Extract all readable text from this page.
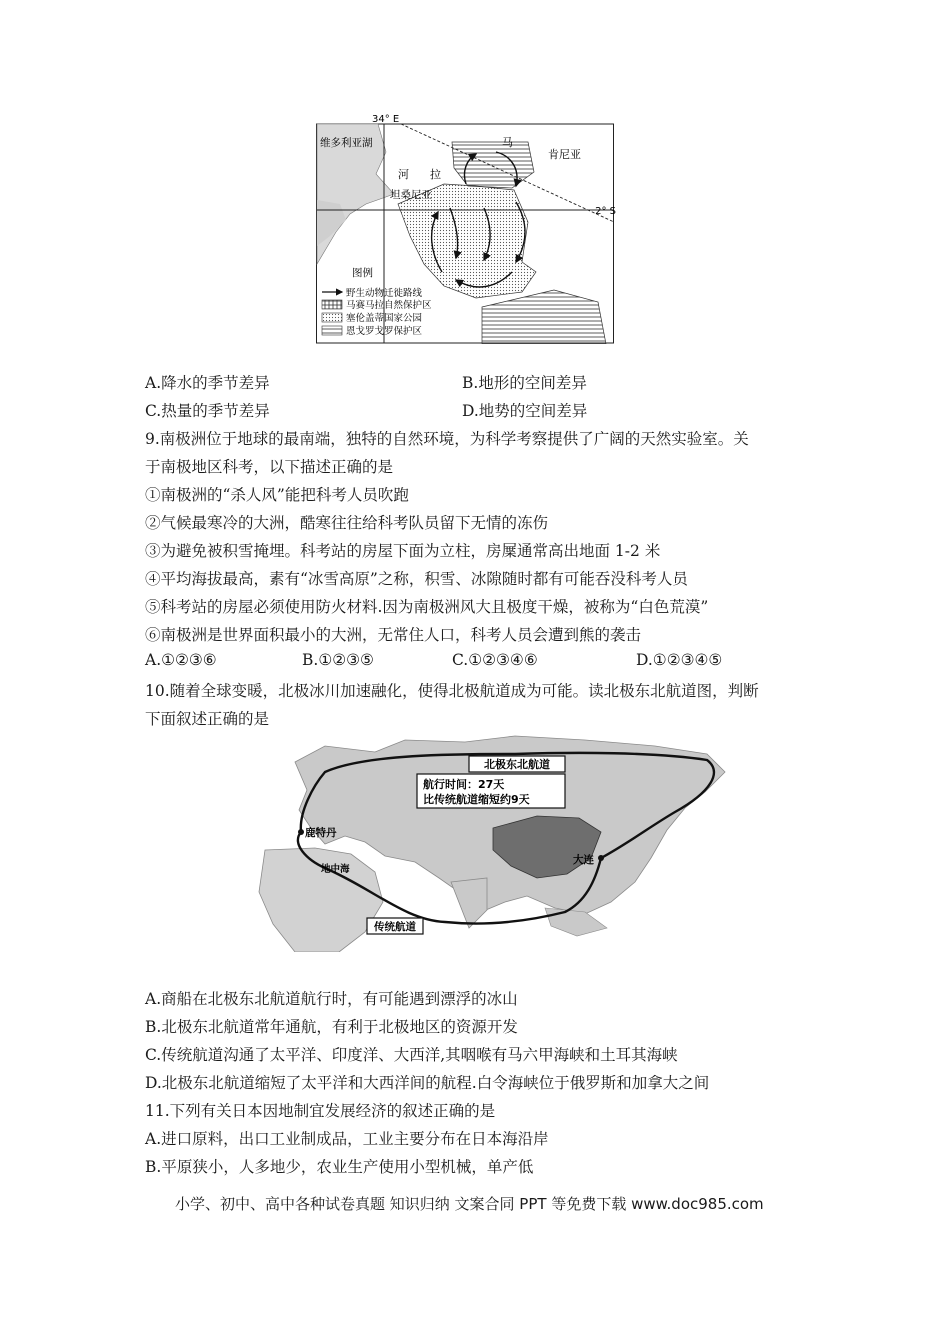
34° E
2° S
维多利亚湖	马
拉
河
肯尼亚
坦桑尼亚
图例
野生动物迁徙路线
马赛马拉自然保护区
塞伦盖蒂国家公园
恩戈罗戈罗保护区
A.降水的季节差异	B.地形的空间差异
C.热量的季节差异	D.地势的空间差异
9.南极洲位于地球的最南端，独特的自然环境，为科学考察提供了广阔的天然实验室。关
于南极地区科考，以下描述正确的是
①南极洲的“杀人风”能把科考人员吹跑
②气候最寒冷的大洲，酷寒往往给科考队员留下无情的冻伤
③为避免被积雪掩埋。科考站的房屋下面为立柱，房屟通常高出地面 1-2 米
④平均海拔最高，素有“冰雪高原”之称，积雪、冰隙随时都有可能吞没科考人员
⑤科考站的房屋必须使用防火材料.因为南极洲风大且极度干燥，被称为“白色荒漠”
⑥南极洲是世界面积最小的大洲，无常住人口，科考人员会遭到熊的袭击
A.①②③⑥	B.①②③⑤	C.①②③④⑥	D.①②③④⑤
10.随着全球变暖，北极冰川加速融化，使得北极航道成为可能。读北极东北航道图，判断
下面叙述正确的是
北极东北航道
航行时间：27天
比传统航道缩短约9天
鹿特丹
地中海
大连
传统航道
A.商船在北极东北航道航行时，有可能遇到漂浮的冰山
B.北极东北航道常年通航，有利于北极地区的资源开发
C.传统航道沟通了太平洋、印度洋、大西洋,其咽喉有马六甲海峡和土耳其海峡
D.北极东北航道缩短了太平洋和大西洋间的航程.白令海峡位于俄罗斯和加拿大之间
11.下列有关日本因地制宜发展经济的叙述正确的是
A.进口原料，出口工业制成品，工业主要分布在日本海沿岸
B.平原狭小，人多地少，农业生产使用小型机械，单产低
小学、初中、高中各种试卷真题 知识归纳 文案合同 PPT 等免费下载 www.doc985.com
